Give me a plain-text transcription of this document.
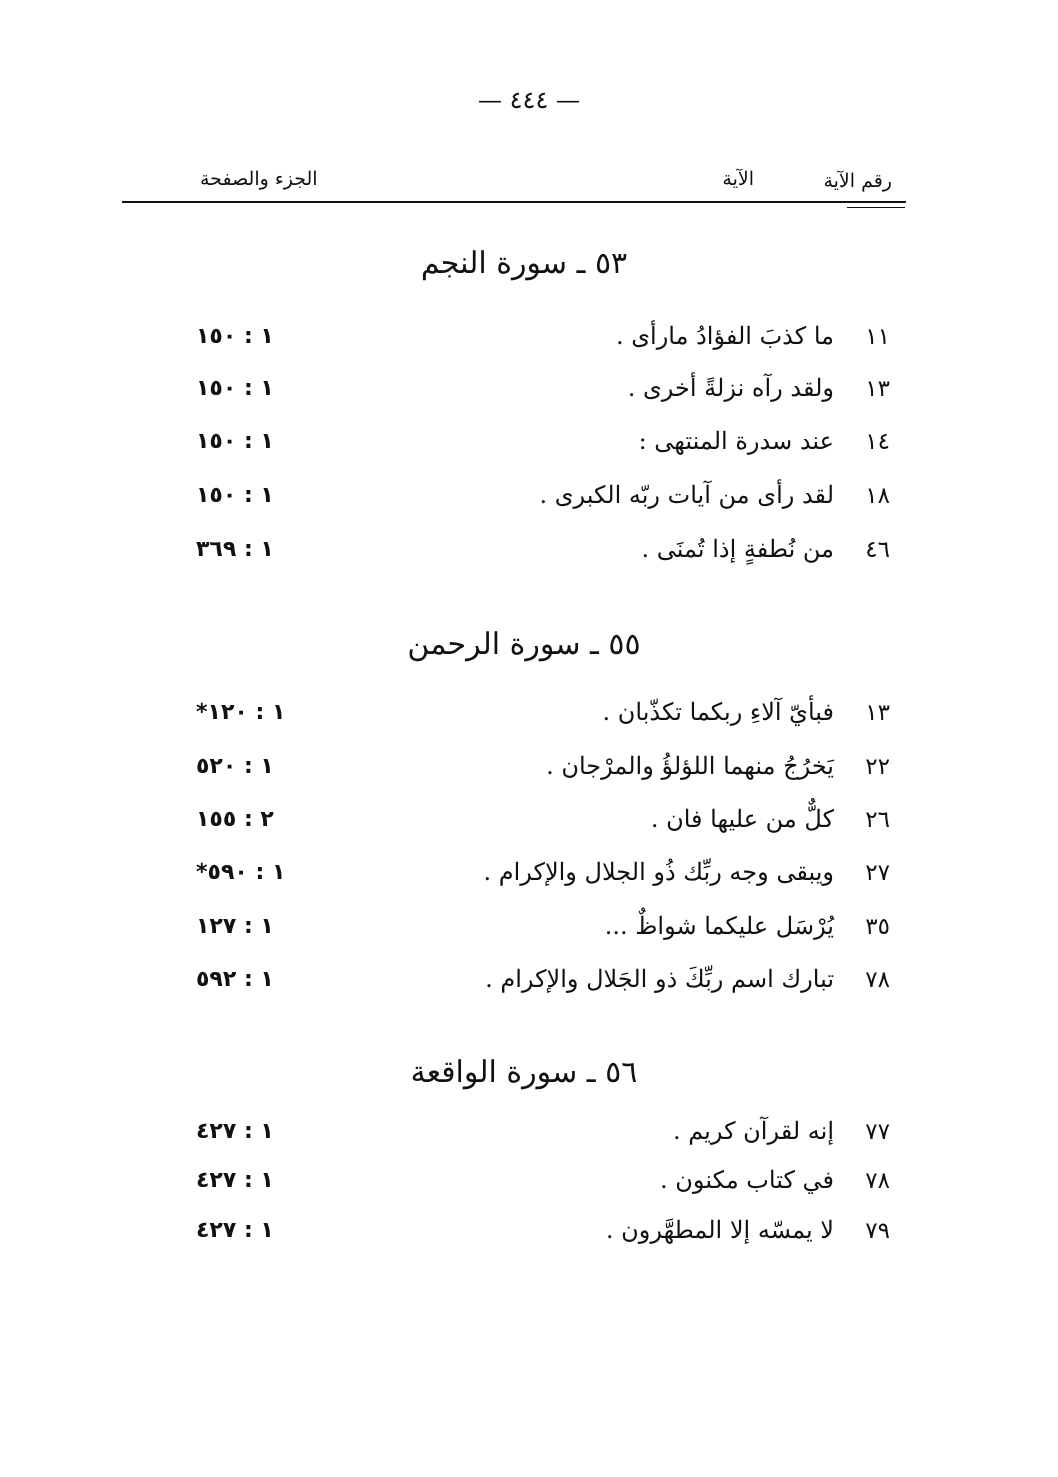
— ٤٤٤ —
رقم الآية
الآية
الجزء والصفحة
٥٣ ـ سورة النجم
١١
ما كذبَ الفؤادُ مارأى .
١ : ١٥٠
١٣
ولقد رآه نزلةً أخرى .
١ : ١٥٠
١٤
عند سدرة المنتهى :
١ : ١٥٠
١٨
لقد رأى من آيات ربّه الكبرى .
١ : ١٥٠
٤٦
من نُطفةٍ إذا تُمنَى .
١ : ٣٦٩
٥٥ ـ سورة الرحمن
١٣
فبأيّ آلاءِ ربكما تكذّبان .
١ : ١٢٠*
٢٢
يَخرُجُ منهما اللؤلؤُ والمرْجان .
١ : ٥٢٠
٢٦
كلٌّ من عليها فان .
٢ : ١٥٥
٢٧
ويبقى وجه ربِّك ذُو الجلال والإكرام .
١ : ٥٩٠*
٣٥
يُرْسَل عليكما شواظٌ ...
١ : ١٢٧
٧٨
تبارك اسم ربِّكَ ذو الجَلال والإكرام .
١ : ٥٩٢
٥٦ ـ سورة الواقعة
٧٧
إنه لقرآن كريم .
١ : ٤٢٧
٧٨
في كتاب مكنون .
١ : ٤٢٧
٧٩
لا يمسّه إلا المطهَّرون .
١ : ٤٢٧
